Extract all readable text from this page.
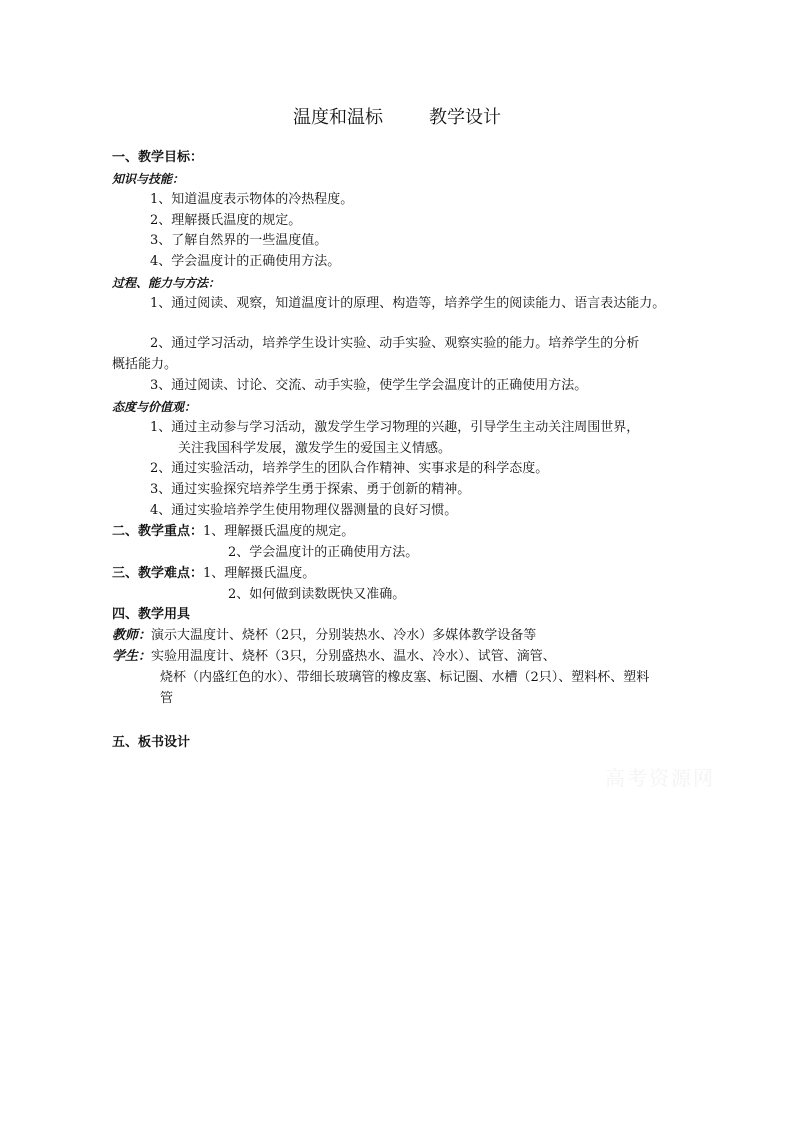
温度和温标	教学设计
一、教学目标：
知识与技能：
1、知道温度表示物体的冷热程度。
2、理解摄氏温度的规定。
3、了解自然界的一些温度值。
4、学会温度计的正确使用方法。
过程、能力与方法：
1、通过阅读、观察，知道温度计的原理、构造等，培养学生的阅读能力、语言表达能力。
2、通过学习活动，培养学生设计实验、动手实验、观察实验的能力。培养学生的分析
概括能力。
3、通过阅读、讨论、交流、动手实验，使学生学会温度计的正确使用方法。
态度与价值观：
1、通过主动参与学习活动，激发学生学习物理的兴趣，引导学生主动关注周围世界，
关注我国科学发展，激发学生的爱国主义情感。
2、通过实验活动，培养学生的团队合作精神、实事求是的科学态度。
3、通过实验探究培养学生勇于探索、勇于创新的精神。
4、通过实验培养学生使用物理仪器测量的良好习惯。
二、教学重点：1、理解摄氏温度的规定。
2、学会温度计的正确使用方法。
三、教学难点：1、理解摄氏温度。
2、如何做到读数既快又准确。
四、教学用具
教师：演示大温度计、烧杯（2只，分别装热水、冷水）多媒体教学设备等
学生：实验用温度计、烧杯（3只，分别盛热水、温水、冷水）、试管、滴管、
烧杯（内盛红色的水）、带细长玻璃管的橡皮塞、标记圈、水槽（2只）、塑料杯、塑料
管
五、板书设计
高考资源网
